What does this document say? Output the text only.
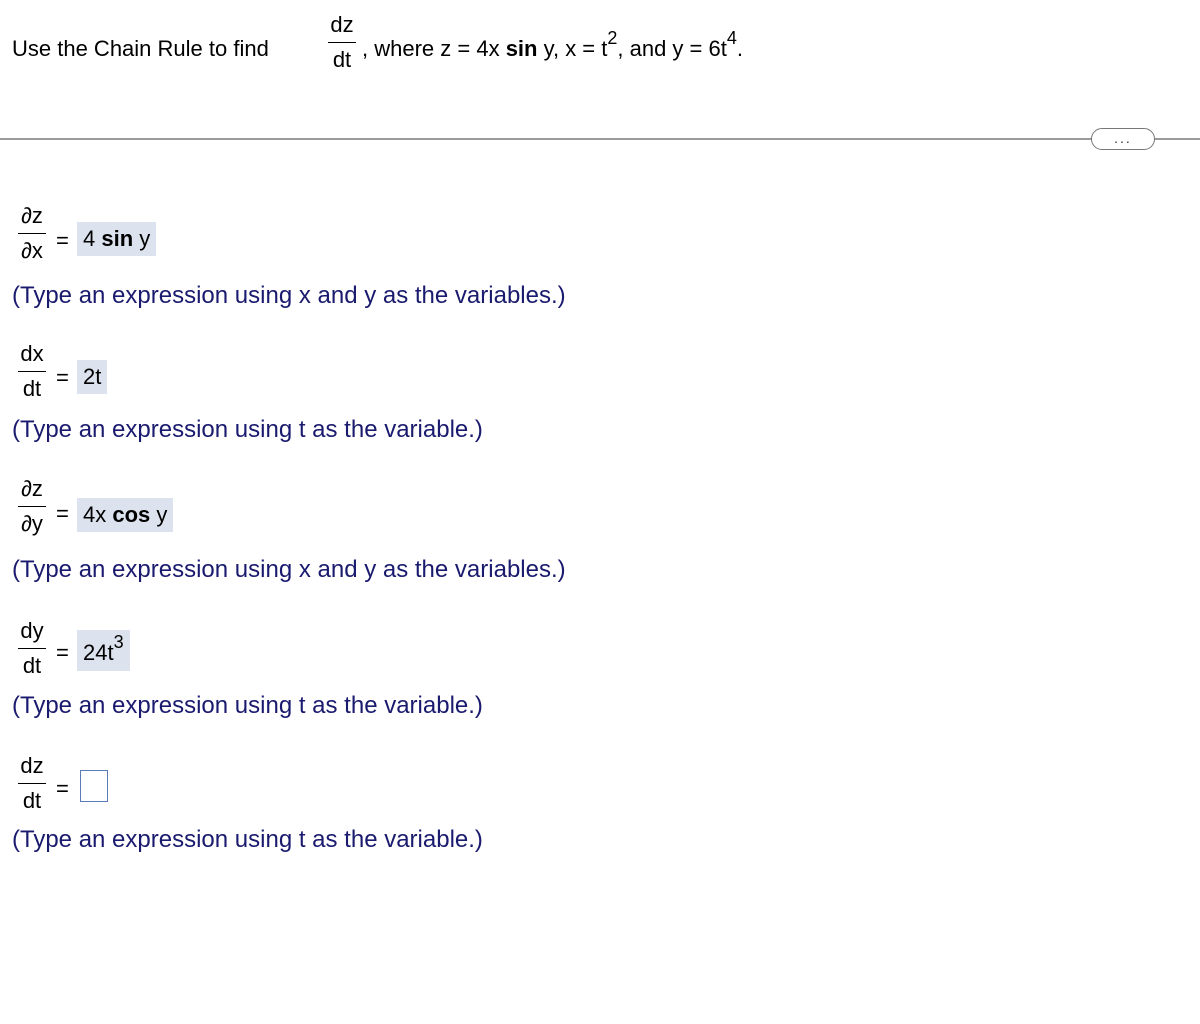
Use the Chain Rule to find
dz
dt , where z = 4x sin y, $x = t^2$, and $y = 6t^4$.
...
∂z
∂x = 4 sin y
(Type an expression using x and y as the variables.)
dx
dt = 2t
(Type an expression using t as the variable.)
∂z
∂y = 4x cos y
(Type an expression using x and y as the variables.)
dy
dt
= $24t^3$
(Type an expression using t as the variable.)
dz
dt =
(Type an expression using t as the variable.)
